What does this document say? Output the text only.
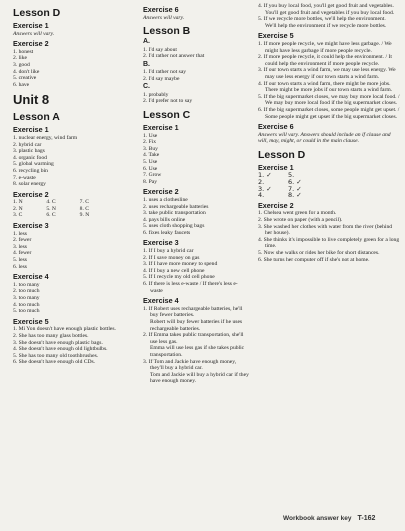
Lesson D
Exercise 1
Answers will vary.
Exercise 2
1. honest
2. like
3. good
4. don't like
5. creative
6. have
Unit 8
Lesson A
Exercise 1
1. nuclear energy, wind farm
2. hybrid car
3. plastic bags
4. organic food
5. global warming
6. recycling bin
7. e-waste
8. solar energy
Exercise 2
1. N	4. C	7. C
2. N	5. N	8. C
3. C	6. C	9. N
Exercise 3
1. less
2. fewer
3. less
4. fewer
5. less
6. less
Exercise 4
1. too many
2. too much
3. too many
4. too much
5. too much
Exercise 5
1. Mi Yon doesn't have enough plastic bottles.
2. She has too many glass bottles.
3. She doesn't have enough plastic bags.
4. She doesn't have enough old lightbulbs.
5. She has too many old toothbrushes.
6. She doesn't have enough old CDs.
Exercise 6
Answers will vary.
Lesson B
A.
1. I'd say about
2. I'd rather not answer that
B.
1. I'd rather not say
2. I'd say maybe
C.
1. probably
2. I'd prefer not to say
Lesson C
Exercise 1
1. Use
2. Fix
3. Buy
4. Take
5. Use
6. Use
7. Grow
8. Pay
Exercise 2
1. uses a clothesline
2. uses rechargeable batteries
3. take public transportation
4. pays bills online
5. uses cloth shopping bags
6. fixes leaky faucets
Exercise 3
1. If I buy a hybrid car
2. If I save money on gas
3. If I have more money to spend
4. If I buy a new cell phone
5. If I recycle my old cell phone
6. If there is less e-waste / If there's less e-waste
Exercise 4
1. If Robert uses rechargeable batteries, he'll buy fewer batteries.
Robert will buy fewer batteries if he uses rechargeable batteries.
2. If Emma takes public transportation, she'll use less gas.
Emma will use less gas if she takes public transportation.
3. If Tom and Jackie have enough money, they'll buy a hybrid car.
Tom and Jackie will buy a hybrid car if they have enough money.
4. If you buy local food, you'll get good fruit and vegetables.
You'll get good fruit and vegetables if you buy local food.
5. If we recycle more bottles, we'll help the environment.
We'll help the environment if we recycle more bottles.
Exercise 5
1. If more people recycle, we might have less garbage. / We might have less garbage if more people recycle.
2. If more people recycle, it could help the environment. / It could help the environment if more people recycle.
3. If our town starts a wind farm, we may use less energy. We may use less energy if our town starts a wind farm.
4. If our town starts a wind farm, there might be more jobs. There might be more jobs if our town starts a wind farm.
5. If the big supermarket closes, we may buy more local food. / We may buy more local food if the big supermarket closes.
6. If the big supermarket closes, some people might get upset. / Some people might get upset if the big supermarket closes.
Exercise 6
Answers will vary. Answers should include an if clause and will, may, might, or could in the main clause.
Lesson D
Exercise 1
1. ✓	5.
2.	6. ✓
3. ✓	7. ✓
4.	8. ✓
Exercise 2
1. Chelsea went green for a month.
2. She wrote on paper (with a pencil).
3. She washed her clothes with water from the river (behind her house).
4. She thinks it's impossible to live completely green for a long time.
5. Now she walks or rides her bike for short distances.
6. She turns her computer off if she's not at home.
Workbook answer key T-162
